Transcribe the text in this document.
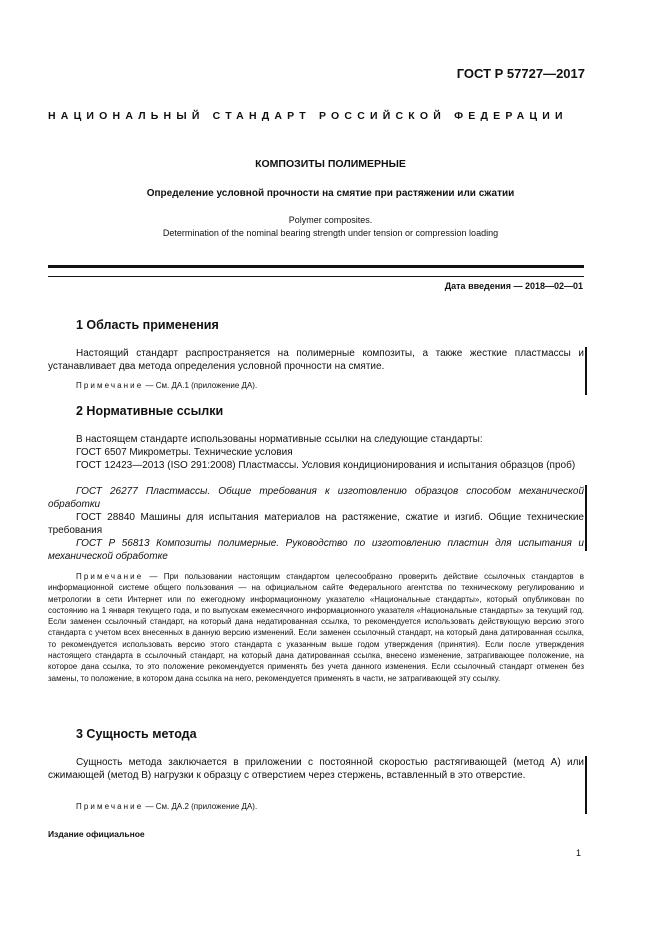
ГОСТ Р 57727—2017
НАЦИОНАЛЬНЫЙ СТАНДАРТ РОССИЙСКОЙ ФЕДЕРАЦИИ
КОМПОЗИТЫ ПОЛИМЕРНЫЕ
Определение условной прочности на смятие при растяжении или сжатии
Polymer composites.
Determination of the nominal bearing strength under tension or compression loading
Дата введения — 2018—02—01
1 Область применения
Настоящий стандарт распространяется на полимерные композиты, а также жесткие пластмассы и устанавливает два метода определения условной прочности на смятие.
Примечание — См. ДА.1 (приложение ДА).
2 Нормативные ссылки
В настоящем стандарте использованы нормативные ссылки на следующие стандарты:
ГОСТ 6507 Микрометры. Технические условия
ГОСТ 12423—2013 (ISO 291:2008) Пластмассы. Условия кондиционирования и испытания образцов (проб)
ГОСТ 26277 Пластмассы. Общие требования к изготовлению образцов способом механической обработки
ГОСТ 28840 Машины для испытания материалов на растяжение, сжатие и изгиб. Общие технические требования
ГОСТ Р 56813 Композиты полимерные. Руководство по изготовлению пластин для испытания и механической обработке
Примечание — При пользовании настоящим стандартом целесообразно проверить действие ссылочных стандартов в информационной системе общего пользования — на официальном сайте Федерального агентства по техническому регулированию и метрологии в сети Интернет или по ежегодному информационному указателю «Национальные стандарты», который опубликован по состоянию на 1 января текущего года, и по выпускам ежемесячного информационного указателя «Национальные стандарты» за текущий год. Если заменен ссылочный стандарт, на который дана недатированная ссылка, то рекомендуется использовать действующую версию этого стандарта с учетом всех внесенных в данную версию изменений. Если заменен ссылочный стандарт, на который дана датированная ссылка, то рекомендуется использовать версию этого стандарта с указанным выше годом утверждения (принятия). Если после утверждения настоящего стандарта в ссылочный стандарт, на который дана датированная ссылка, внесено изменение, затрагивающее положение, на которое дана ссылка, то это положение рекомендуется применять без учета данного изменения. Если ссылочный стандарт отменен без замены, то положение, в котором дана ссылка на него, рекомендуется применять в части, не затрагивающей эту ссылку.
3 Сущность метода
Сущность метода заключается в приложении с постоянной скоростью растягивающей (метод А) или сжимающей (метод В) нагрузки к образцу с отверстием через стержень, вставленный в это отверстие.
Примечание — См. ДА.2 (приложение ДА).
Издание официальное
1
